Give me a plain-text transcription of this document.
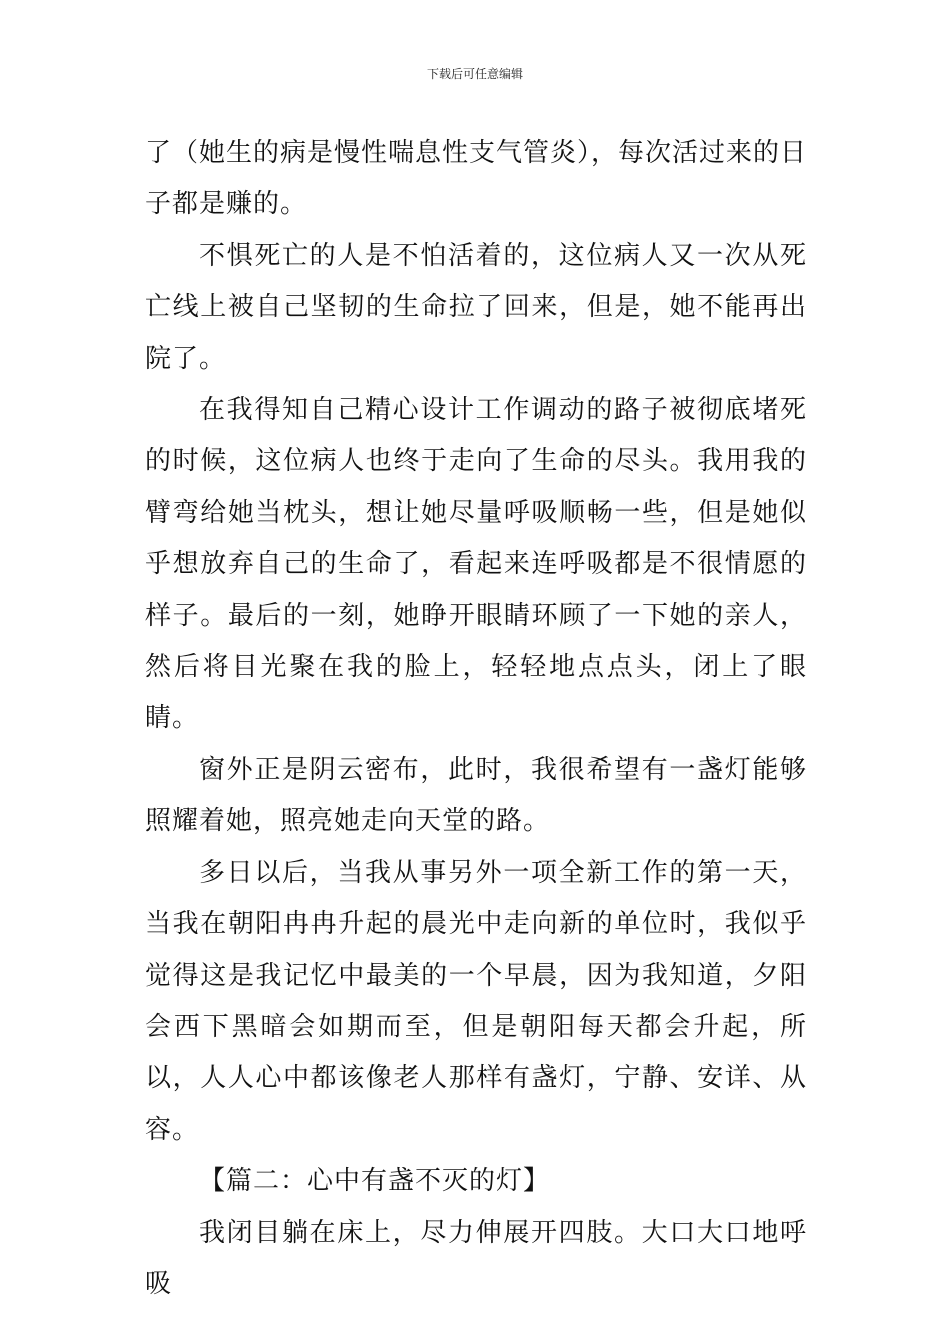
下载后可任意编辑

了（她生的病是慢性喘息性支气管炎），每次活过来的日子都是赚的。

不惧死亡的人是不怕活着的，这位病人又一次从死亡线上被自己坚韧的生命拉了回来，但是，她不能再出院了。

在我得知自己精心设计工作调动的路子被彻底堵死的时候，这位病人也终于走向了生命的尽头。我用我的臂弯给她当枕头，想让她尽量呼吸顺畅一些，但是她似乎想放弃自己的生命了，看起来连呼吸都是不很情愿的样子。最后的一刻，她睁开眼睛环顾了一下她的亲人，然后将目光聚在我的脸上，轻轻地点点头，闭上了眼睛。

窗外正是阴云密布，此时，我很希望有一盏灯能够照耀着她，照亮她走向天堂的路。

多日以后，当我从事另外一项全新工作的第一天，当我在朝阳冉冉升起的晨光中走向新的单位时，我似乎觉得这是我记忆中最美的一个早晨，因为我知道，夕阳会西下黑暗会如期而至，但是朝阳每天都会升起，所以，人人心中都该像老人那样有盏灯，宁静、安详、从容。

【篇二：心中有盏不灭的灯】

我闭目躺在床上，尽力伸展开四肢。大口大口地呼吸
